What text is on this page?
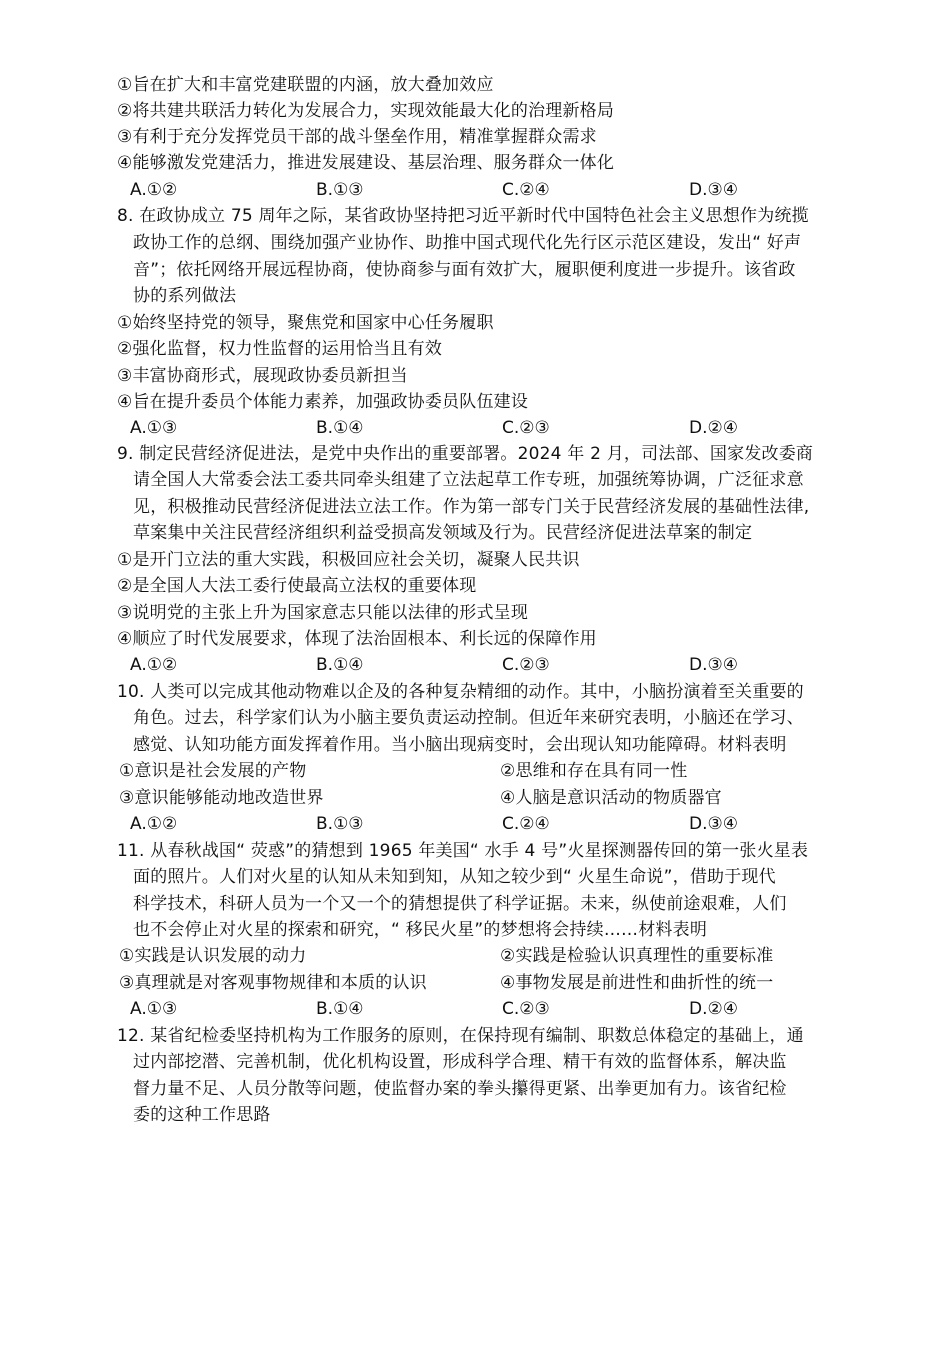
①旨在扩大和丰富党建联盟的内涵，放大叠加效应
②将共建共联活力转化为发展合力，实现效能最大化的治理新格局
③有利于充分发挥党员干部的战斗堡垒作用，精准掌握群众需求
④能够激发党建活力，推进发展建设、基层治理、服务群众一体化
A.①②	B.①③	C.②④	D.③④
8. 在政协成立 75 周年之际，某省政协坚持把习近平新时代中国特色社会主义思想作为统揽
政协工作的总纲、围绕加强产业协作、助推中国式现代化先行区示范区建设，发出“ 好声
音”；依托网络开展远程协商，使协商参与面有效扩大，履职便利度进一步提升。该省政
协的系列做法
①始终坚持党的领导，聚焦党和国家中心任务履职
②强化监督，权力性监督的运用恰当且有效
③丰富协商形式，展现政协委员新担当
④旨在提升委员个体能力素养，加强政协委员队伍建设
A.①③	B.①④	C.②③	D.②④
9. 制定民营经济促进法，是党中央作出的重要部署。2024 年 2 月，司法部、国家发改委商
请全国人大常委会法工委共同牵头组建了立法起草工作专班，加强统筹协调，广泛征求意
见，积极推动民营经济促进法立法工作。作为第一部专门关于民营经济发展的基础性法律,
草案集中关注民营经济组织利益受损高发领域及行为。民营经济促进法草案的制定
①是开门立法的重大实践，积极回应社会关切，凝聚人民共识
②是全国人大法工委行使最高立法权的重要体现
③说明党的主张上升为国家意志只能以法律的形式呈现
④顺应了时代发展要求，体现了法治固根本、利长远的保障作用
A.①②	B.①④	C.②③	D.③④
10. 人类可以完成其他动物难以企及的各种复杂精细的动作。其中，小脑扮演着至关重要的
角色。过去，科学家们认为小脑主要负责运动控制。但近年来研究表明，小脑还在学习、
感觉、认知功能方面发挥着作用。当小脑出现病变时，会出现认知功能障碍。材料表明
①意识是社会发展的产物	②思维和存在具有同一性
③意识能够能动地改造世界	④人脑是意识活动的物质器官
A.①②	B.①③	C.②④	D.③④
11. 从春秋战国“ 荧惑”的猜想到 1965 年美国“ 水手 4 号”火星探测器传回的第一张火星表
面的照片。人们对火星的认知从未知到知，从知之较少到“ 火星生命说”，借助于现代
科学技术，科研人员为一个又一个的猜想提供了科学证据。未来，纵使前途艰难，人们
也不会停止对火星的探索和研究，“ 移民火星”的梦想将会持续……材料表明
①实践是认识发展的动力	②实践是检验认识真理性的重要标准
③真理就是对客观事物规律和本质的认识	④事物发展是前进性和曲折性的统一
A.①③	B.①④	C.②③	D.②④
12. 某省纪检委坚持机构为工作服务的原则，在保持现有编制、职数总体稳定的基础上，通
过内部挖潜、完善机制，优化机构设置，形成科学合理、精干有效的监督体系，解决监
督力量不足、人员分散等问题，使监督办案的拳头攥得更紧、出拳更加有力。该省纪检
委的这种工作思路
